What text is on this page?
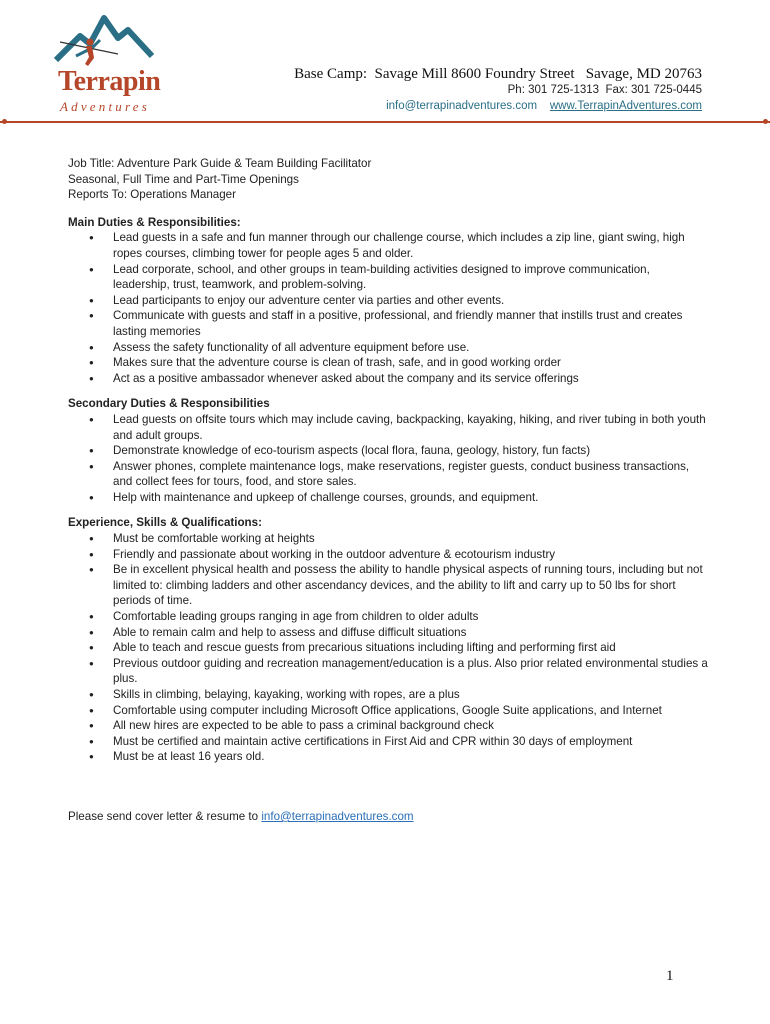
Terrapin
Adventures
Base Camp:  Savage Mill 8600 Foundry Street   Savage, MD 20763
Ph: 301 725-1313  Fax: 301 725-0445
info@terrapinadventures.com www.TerrapinAdventures.com

Job Title: Adventure Park Guide & Team Building Facilitator

Seasonal, Full Time and Part-Time Openings

Reports To: Operations Manager

Main Duties & Responsibilities:

● Lead guests in a safe and fun manner through our challenge course, which includes a zip line, giant swing, high ropes courses, climbing tower for people ages 5 and older.
● Lead corporate, school, and other groups in team-building activities designed to improve communication, leadership, trust, teamwork, and problem-solving.
● Lead participants to enjoy our adventure center via parties and other events.
● Communicate with guests and staff in a positive, professional, and friendly manner that instills trust and creates lasting memories
● Assess the safety functionality of all adventure equipment before use.
● Makes sure that the adventure course is clean of trash, safe, and in good working order
● Act as a positive ambassador whenever asked about the company and its service offerings

Secondary Duties & Responsibilities

● Lead guests on offsite tours which may include caving, backpacking, kayaking, hiking, and river tubing in both youth and adult groups.
● Demonstrate knowledge of eco-tourism aspects (local flora, fauna, geology, history, fun facts)
● Answer phones, complete maintenance logs, make reservations, register guests, conduct business transactions, and collect fees for tours, food, and store sales.
● Help with maintenance and upkeep of challenge courses, grounds, and equipment.

Experience, Skills & Qualifications:

● Must be comfortable working at heights
● Friendly and passionate about working in the outdoor adventure & ecotourism industry
● Be in excellent physical health and possess the ability to handle physical aspects of running tours, including but not limited to: climbing ladders and other ascendancy devices, and the ability to lift and carry up to 50 lbs for short periods of time.
● Comfortable leading groups ranging in age from children to older adults
● Able to remain calm and help to assess and diffuse difficult situations
● Able to teach and rescue guests from precarious situations including lifting and performing first aid
● Previous outdoor guiding and recreation management/education is a plus. Also prior related environmental studies a plus.
● Skills in climbing, belaying, kayaking, working with ropes, are a plus
● Comfortable using computer including Microsoft Office applications, Google Suite applications, and Internet
● All new hires are expected to be able to pass a criminal background check
● Must be certified and maintain active certifications in First Aid and CPR within 30 days of employment
● Must be at least 16 years old.

Please send cover letter & resume to info@terrapinadventures.com

1
